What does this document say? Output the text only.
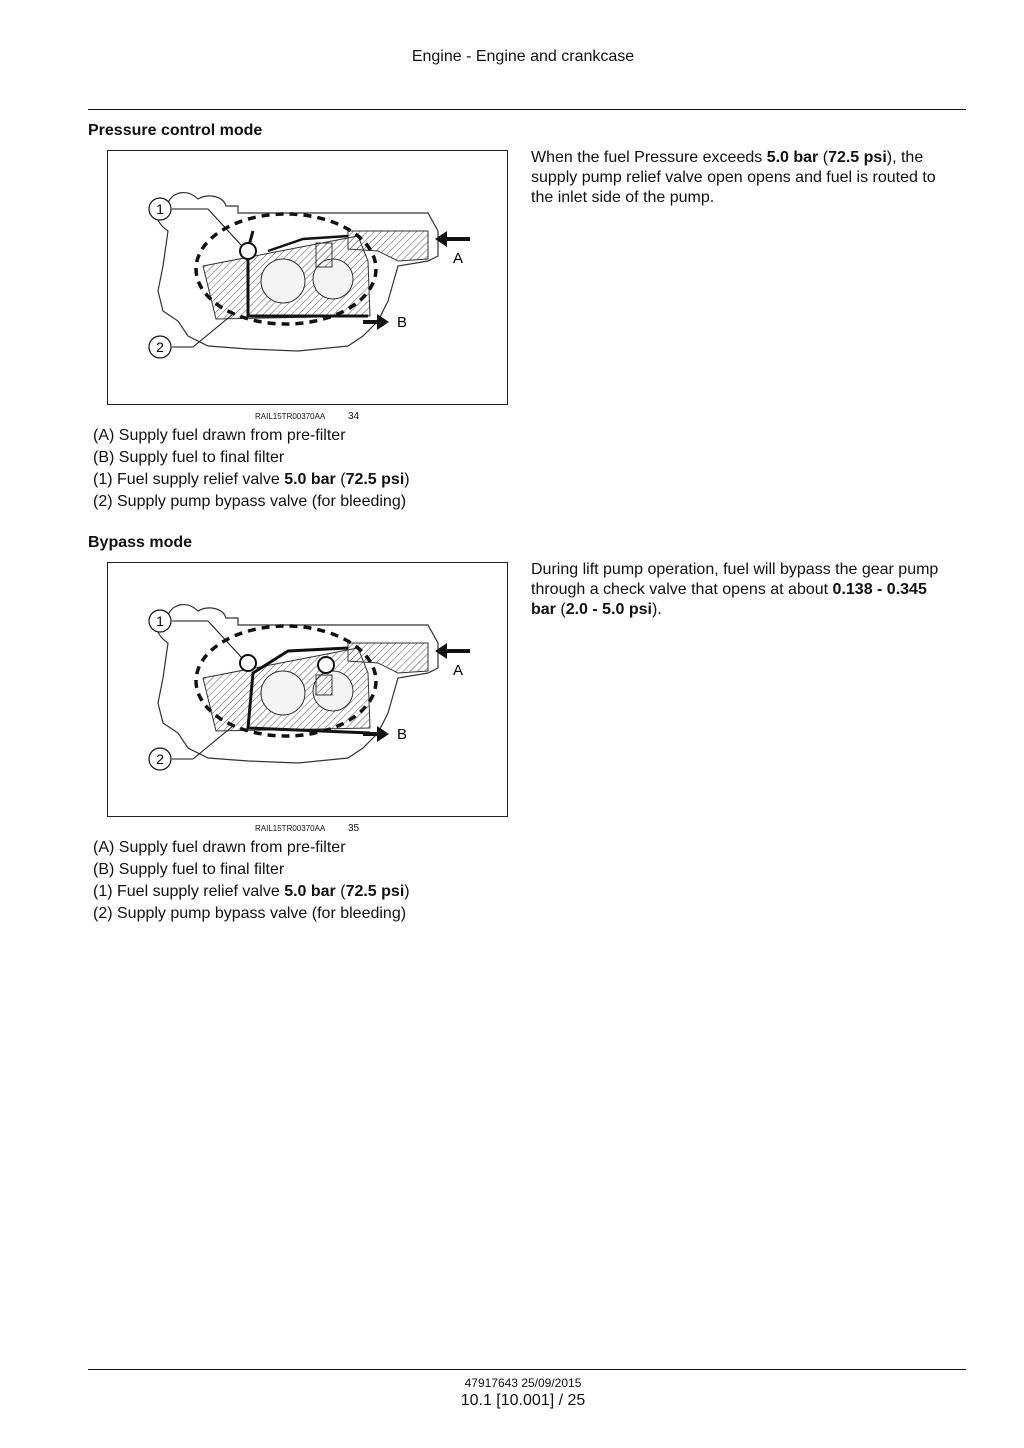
Engine - Engine and crankcase
Pressure control mode
1
2
A
B
RAIL15TR00370AA 34
(A) Supply fuel drawn from pre-filter
(B) Supply fuel to final filter
(1) Fuel supply relief valve 5.0 bar (72.5 psi)
(2) Supply pump bypass valve (for bleeding)
When the fuel Pressure exceeds 5.0 bar (72.5 psi), the supply pump relief valve open opens and fuel is routed to the inlet side of the pump.
Bypass mode
1
2
A
B
RAIL15TR00370AA 35
(A) Supply fuel drawn from pre-filter
(B) Supply fuel to final filter
(1) Fuel supply relief valve 5.0 bar (72.5 psi)
(2) Supply pump bypass valve (for bleeding)
During lift pump operation, fuel will bypass the gear pump through a check valve that opens at about 0.138 - 0.345 bar (2.0 - 5.0 psi).
47917643 25/09/2015
10.1 [10.001] / 25
